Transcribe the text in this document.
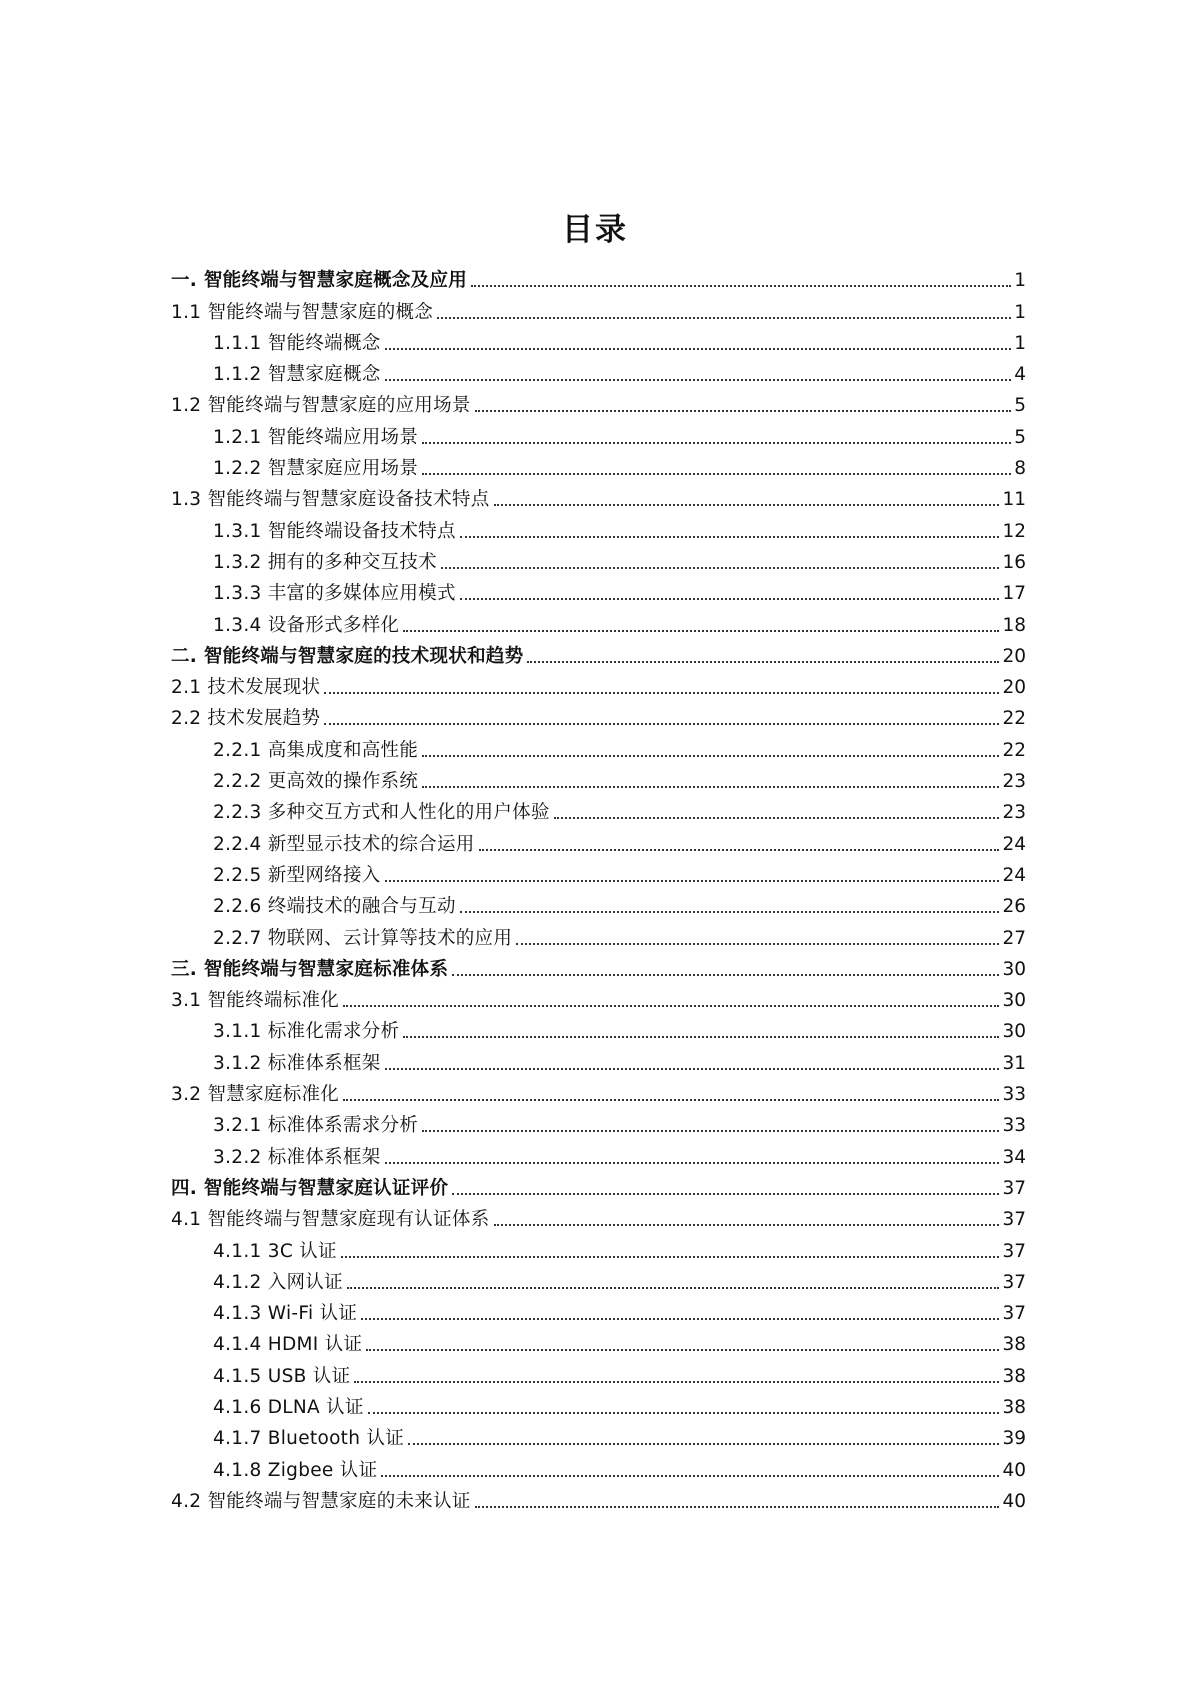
目录
一. 智能终端与智慧家庭概念及应用	1
1.1 智能终端与智慧家庭的概念	1
1.1.1 智能终端概念	1
1.1.2 智慧家庭概念	4
1.2 智能终端与智慧家庭的应用场景	5
1.2.1 智能终端应用场景	5
1.2.2 智慧家庭应用场景	8
1.3 智能终端与智慧家庭设备技术特点	11
1.3.1 智能终端设备技术特点	12
1.3.2 拥有的多种交互技术	16
1.3.3 丰富的多媒体应用模式	17
1.3.4 设备形式多样化	18
二. 智能终端与智慧家庭的技术现状和趋势	20
2.1 技术发展现状	20
2.2 技术发展趋势	22
2.2.1 高集成度和高性能	22
2.2.2 更高效的操作系统	23
2.2.3 多种交互方式和人性化的用户体验	23
2.2.4 新型显示技术的综合运用	24
2.2.5 新型网络接入	24
2.2.6 终端技术的融合与互动	26
2.2.7 物联网、云计算等技术的应用	27
三. 智能终端与智慧家庭标准体系	30
3.1 智能终端标准化	30
3.1.1 标准化需求分析	30
3.1.2 标准体系框架	31
3.2 智慧家庭标准化	33
3.2.1 标准体系需求分析	33
3.2.2 标准体系框架	34
四. 智能终端与智慧家庭认证评价	37
4.1 智能终端与智慧家庭现有认证体系	37
4.1.1 3C 认证	37
4.1.2 入网认证	37
4.1.3 Wi-Fi 认证	37
4.1.4 HDMI 认证	38
4.1.5 USB 认证	38
4.1.6 DLNA 认证	38
4.1.7 Bluetooth 认证	39
4.1.8 Zigbee 认证	40
4.2 智能终端与智慧家庭的未来认证	40
